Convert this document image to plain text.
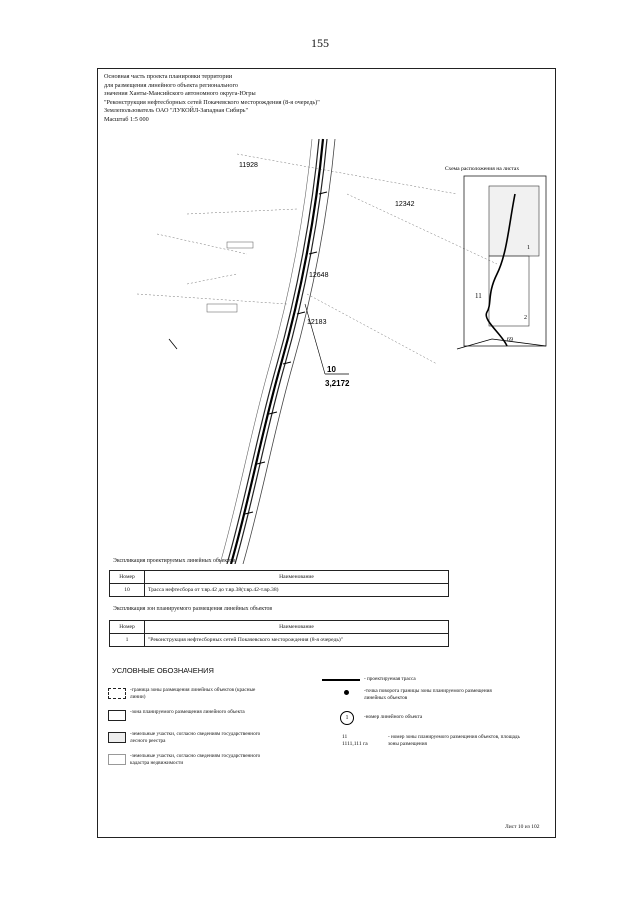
155
Основная часть проекта планировки территории
для размещения линейного объекта регионального
значения Ханты-Мансийского автономного округа-Югры
"Реконструкция нефтесборных сетей Покачевского месторождения (8-я очередь)"
Землепользователь ОАО "ЛУКОЙЛ-Западная Сибирь"
Масштаб 1:5 000
11928
12342
12648
12183
10
3,2172
Схема расположения на листах
1
11
2
69
Экспликация проектируемых линейных объектов
Номер	Наименование
10	Трасса нефтесбора от т.вр.42 до т.вр.38(т.вр.42-т.вр.38)
Экспликация зон планируемого размещения линейных объектов
Номер	Наименование
1	"Реконструкция нефтесборных сетей Покачевского месторождения (8-я очередь)"
УСЛОВНЫЕ ОБОЗНАЧЕНИЯ
-граница зоны размещения линейных объектов (красные линии)
-зона планируемого размещения линейного объекта
-земельные участки, согласно сведениям государственного лесного реестра
-земельные участки, согласно сведениям государственного кадастра недвижимости
- проектируемая трасса
-точка поворота границы зоны планируемого размещения линейных объектов
1	-номер линейного объекта
11
1111,111 га
- номер зоны планируемого размещения объектов, площадь зоны размещения
Лист 10 из 102
